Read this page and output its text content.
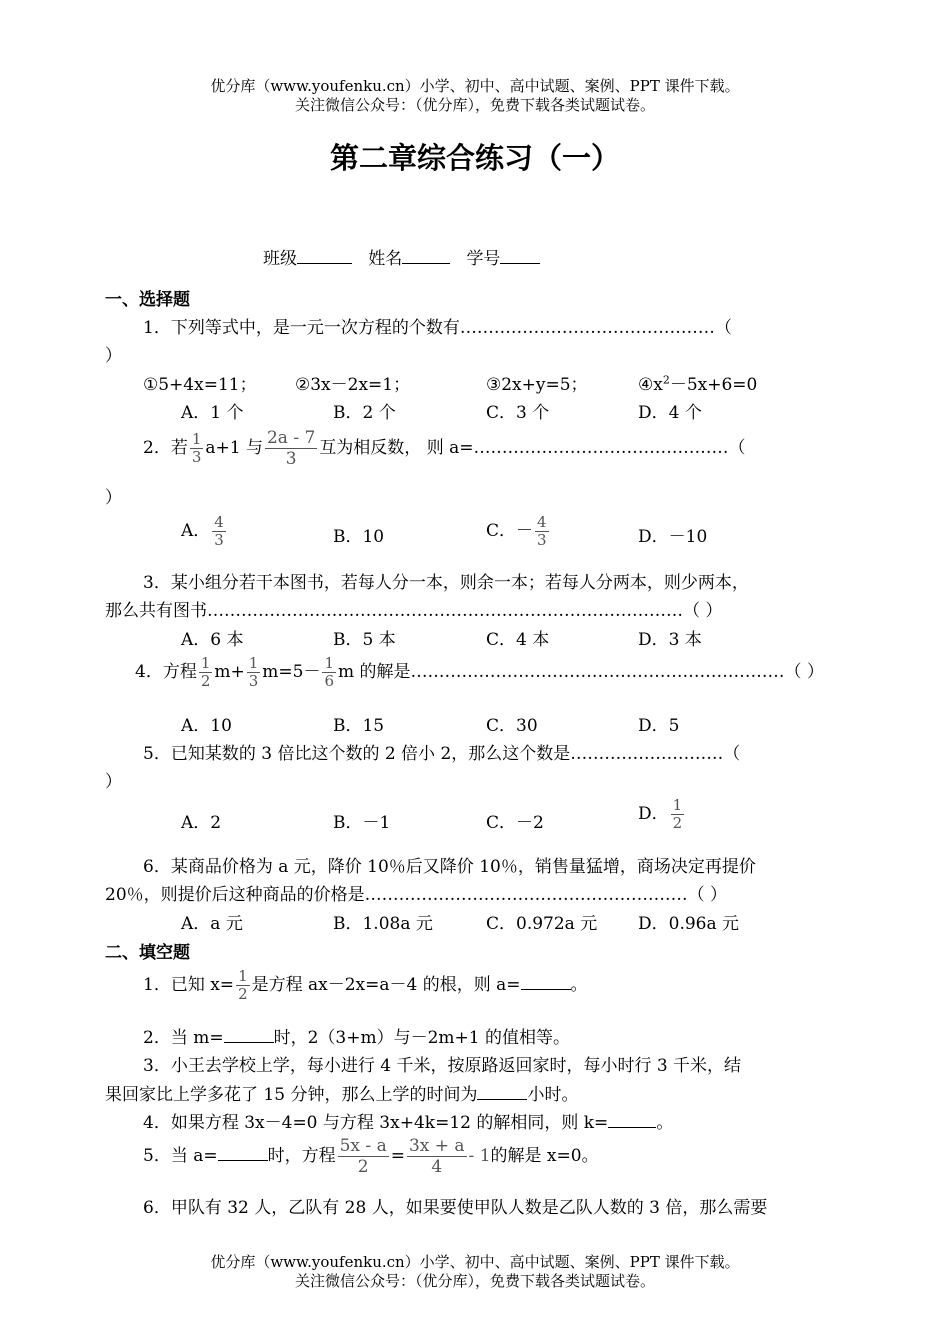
优分库（www.youfenku.cn）小学、初中、高中试题、案例、PPT 课件下载。
关注微信公众号：（优分库），免费下载各类试题试卷。
第二章综合练习（一）
班级	姓名	学号
一、选择题
1．下列等式中，是一元一次方程的个数有………………………………………（
）
①5+4x=11； ②3x－2x=1；	③2x+y=5；	$④x^2-5x+6=0$
A．1 个	B．2 个	C．3 个	D．4 个
2．若 $\frac{1}{3} a+1$ 与 $\frac{2a - 7}{3}$ 互为相反数， 则 a=………………………………………（
）
A． $\frac{4}{3}$	B．10	C．－ $\frac{4}{3}$	D．－10
3．某小组分若干本图书，若每人分一本，则余一本；若每人分两本，则少两本，
那么共有图书…………………………………………………………………………（ ）
A．6 本	B．5 本	C．4 本	D．3 本
4．方程 $\frac{1}{2} m+ \frac{1}{3} m=5- \frac{1}{6}$ m 的解是…………………………………………………………（ ）
A．10	B．15	C．30	D．5
5．已知某数的 3 倍比这个数的 2 倍小 2，那么这个数是………………………（
）
A．2	B．－1	C．－2	D． $\frac{1}{2}$
6．某商品价格为 a 元，降价 10％后又降价 10％，销售量猛增，商场决定再提价
20％，则提价后这种商品的价格是…………………………………………………（ ）
A．a 元	B．1.08a 元	C．0.972a 元 D．0.96a 元
二、填空题
1．已知 $x= \frac{1}{2}$ 是方程 ax－2x=a－4 的根，则 a=	。
2．当 m=	时，2（3+m）与－2m+1 的值相等。
3．小王去学校上学，每小进行 4 千米，按原路返回家时，每小时行 3 千米，结
果回家比上学多花了 15 分钟，那么上学的时间为	小时。
4．如果方程 3x－4=0 与方程 3x+4k=12 的解相同，则 k=	。
5．当 a=	时，方程 $\frac{5x - a}{2} = \frac{3x + a}{4} - 1$的解是 x=0。
6．甲队有 32 人，乙队有 28 人，如果要使甲队人数是乙队人数的 3 倍，那么需要
优分库（www.youfenku.cn）小学、初中、高中试题、案例、PPT 课件下载。
关注微信公众号：（优分库），免费下载各类试题试卷。
